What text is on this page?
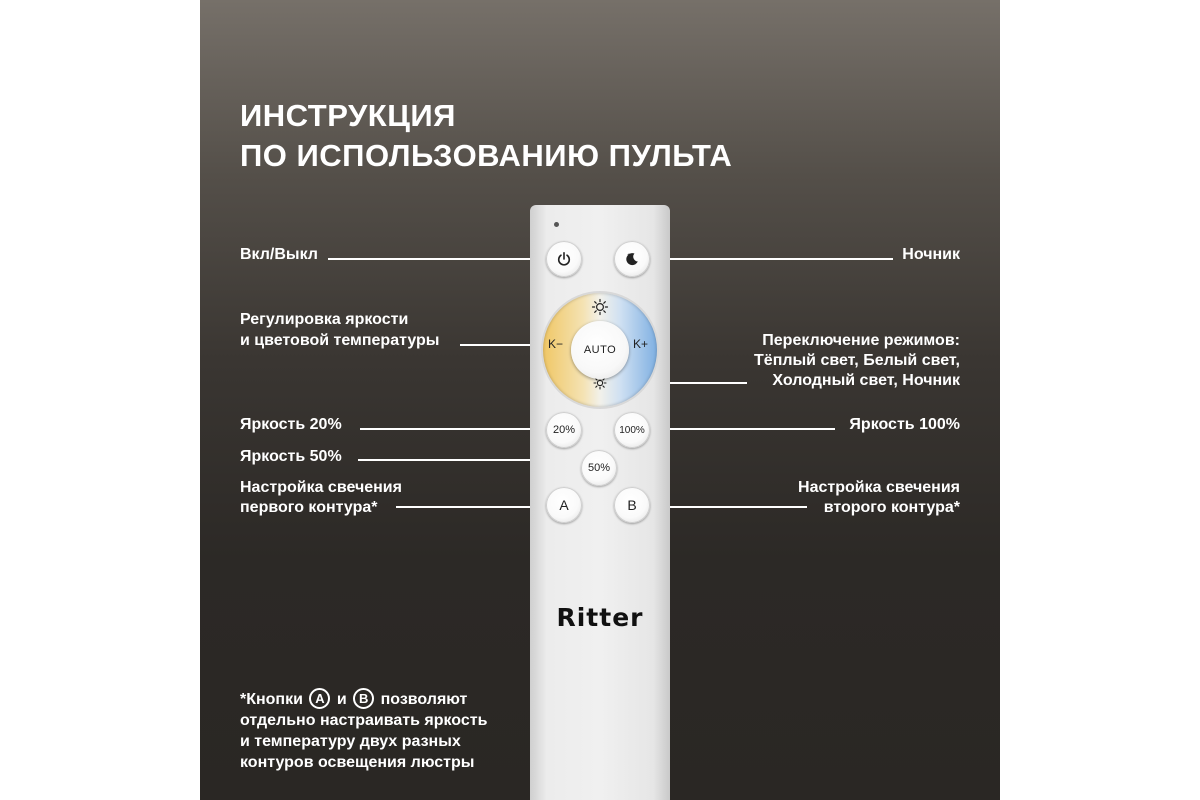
ИНСТРУКЦИЯ
ПО ИСПОЛЬЗОВАНИЮ ПУЛЬТА
Вкл/Выкл
Регулировка яркости
и цветовой температуры
Яркость 20%
Яркость 50%
Настройка свечения
первого контура*
Ночник
Переключение режимов:
Тёплый свет, Белый свет,
Холодный свет, Ночник
Яркость 100%
Настройка свечения
второго контура*
K−	K+
AUTO
20%	100%
50%
A	B
Ritter
*Кнопки A и B позволяют
отдельно настраивать яркость
и температуру двух разных
контуров освещения люстры
